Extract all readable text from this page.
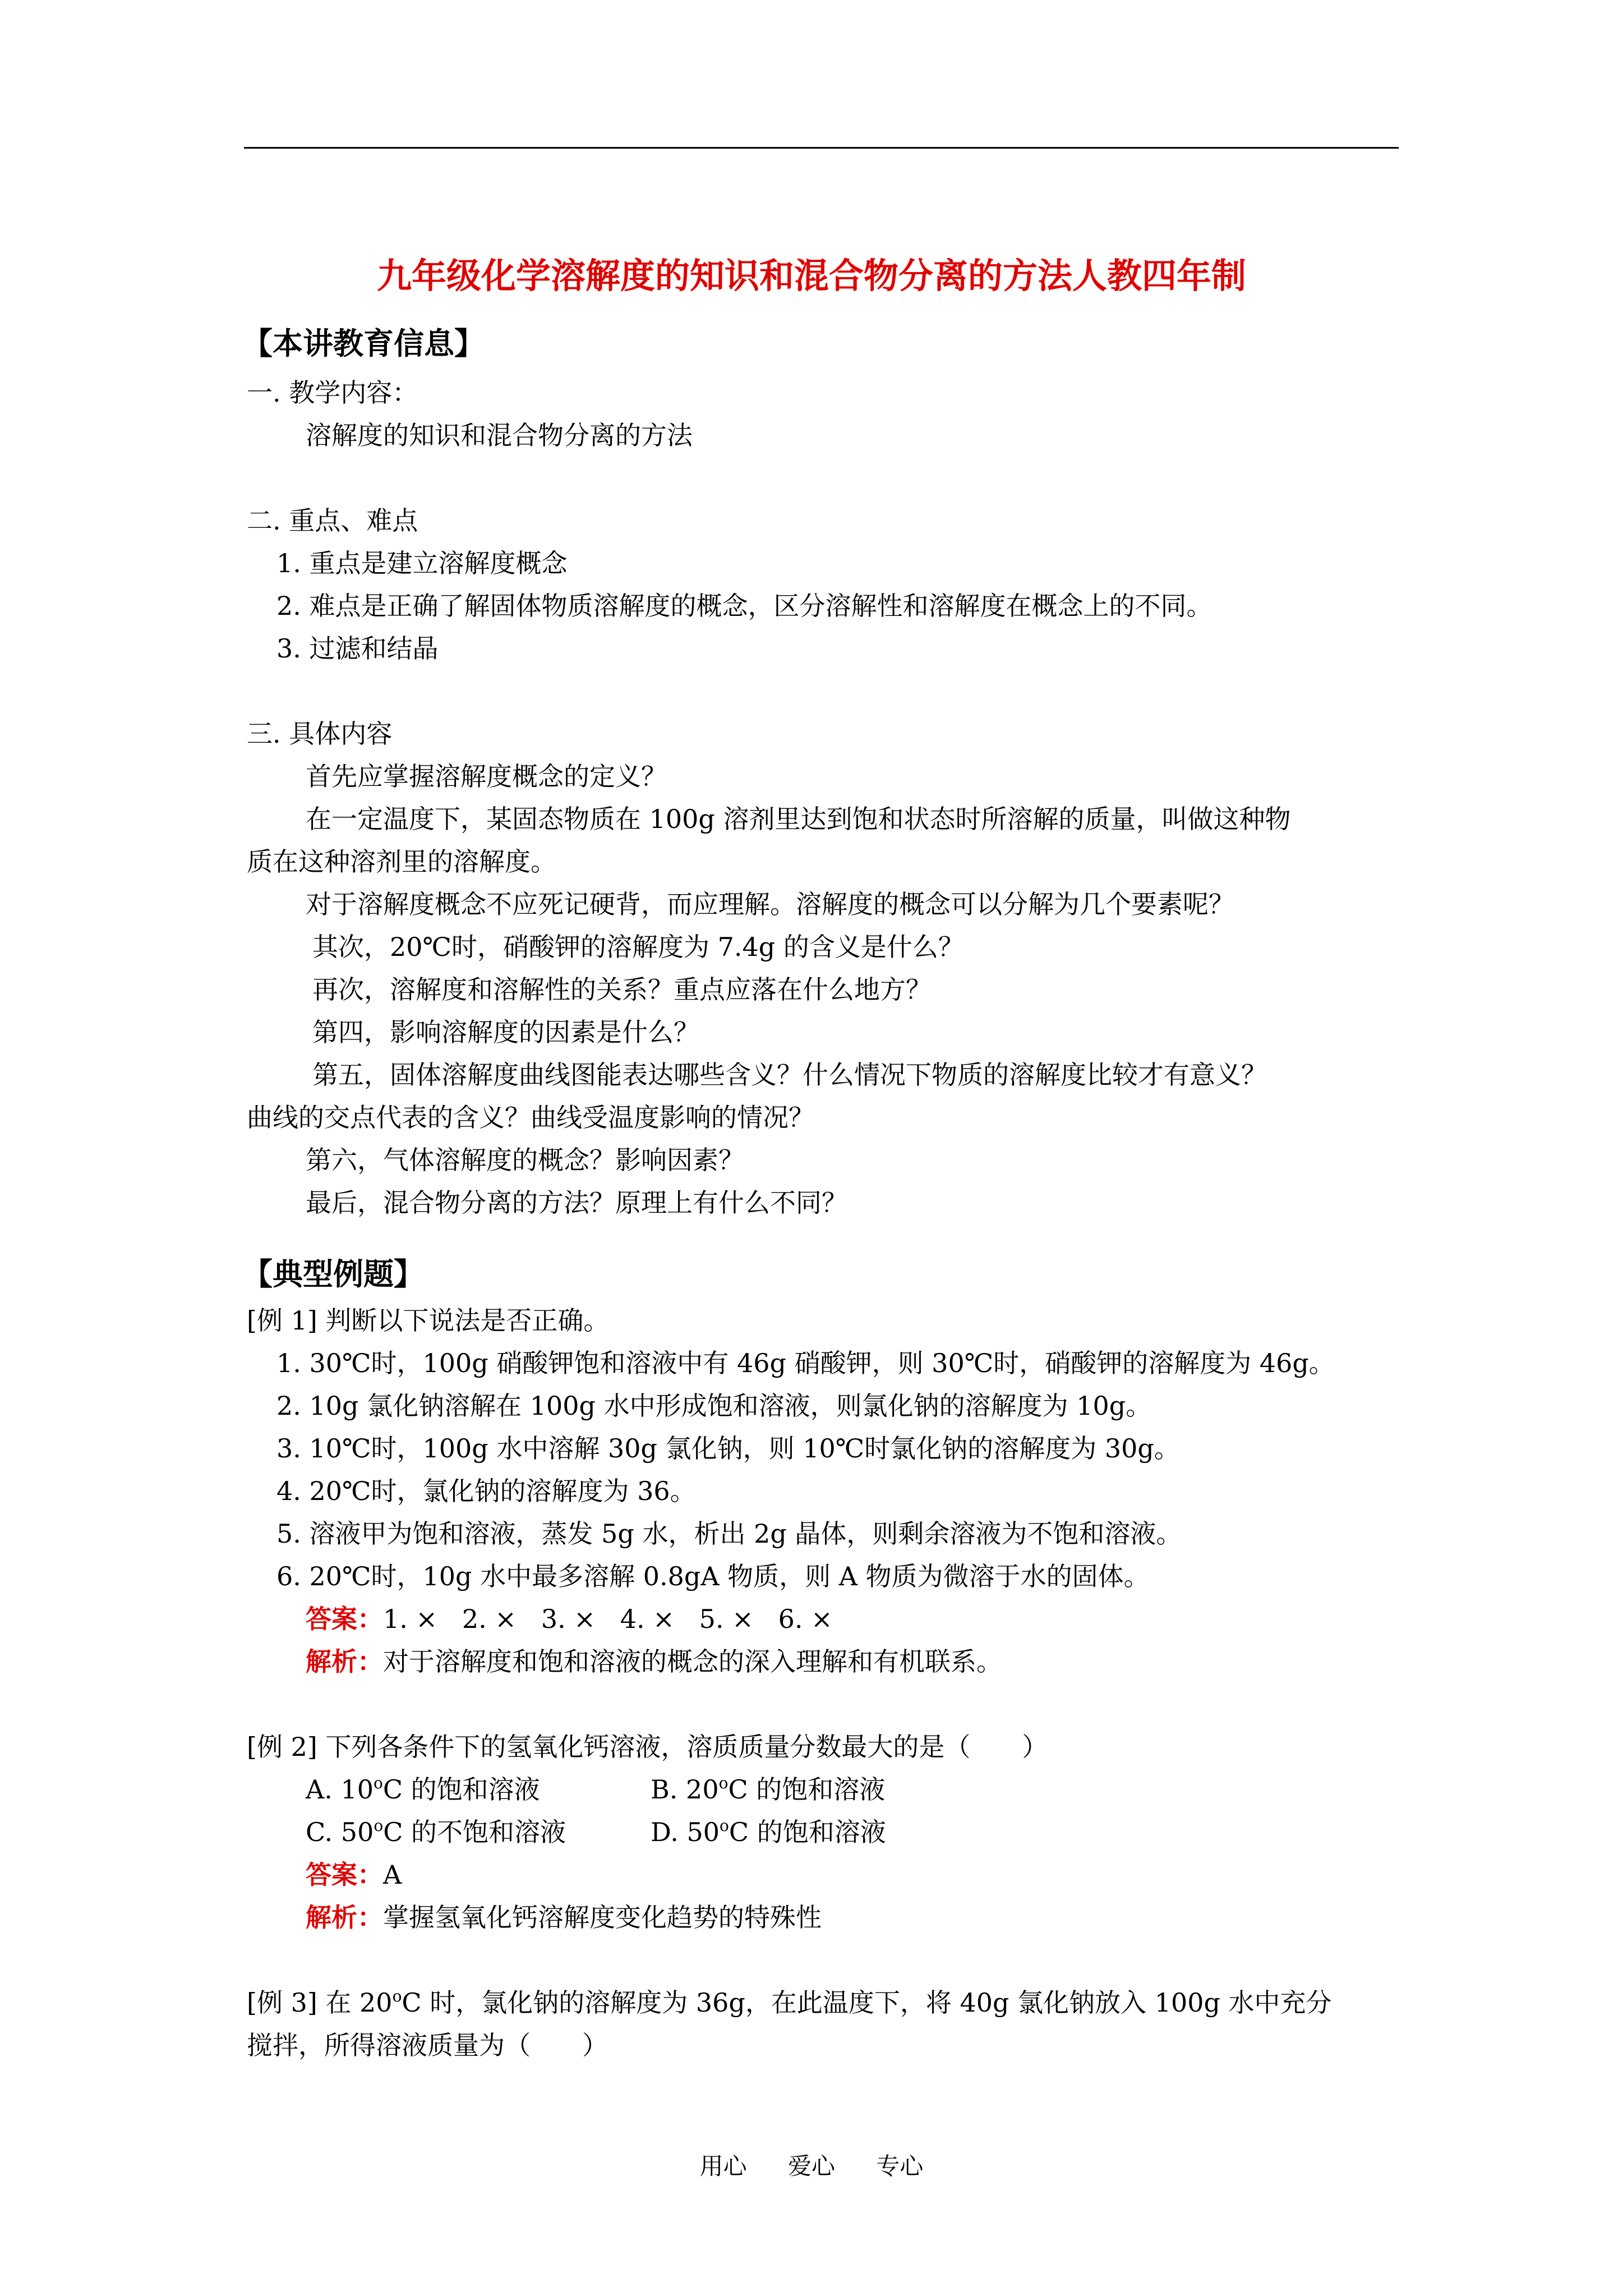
九年级化学溶解度的知识和混合物分离的方法人教四年制
【本讲教育信息】
一. 教学内容：
溶解度的知识和混合物分离的方法
二. 重点、难点
1. 重点是建立溶解度概念
2. 难点是正确了解固体物质溶解度的概念，区分溶解性和溶解度在概念上的不同。
3. 过滤和结晶
三. 具体内容
首先应掌握溶解度概念的定义？
在一定温度下，某固态物质在 100g 溶剂里达到饱和状态时所溶解的质量，叫做这种物
质在这种溶剂里的溶解度。
对于溶解度概念不应死记硬背，而应理解。溶解度的概念可以分解为几个要素呢？
其次，20℃时，硝酸钾的溶解度为 7.4g 的含义是什么？
再次，溶解度和溶解性的关系？重点应落在什么地方？
第四，影响溶解度的因素是什么？
第五，固体溶解度曲线图能表达哪些含义？什么情况下物质的溶解度比较才有意义？
曲线的交点代表的含义？曲线受温度影响的情况？
第六，气体溶解度的概念？影响因素？
最后，混合物分离的方法？原理上有什么不同？
【典型例题】
[例 1] 判断以下说法是否正确。
1. 30℃时，100g 硝酸钾饱和溶液中有 46g 硝酸钾，则 30℃时，硝酸钾的溶解度为 46g。
2. 10g 氯化钠溶解在 100g 水中形成饱和溶液，则氯化钠的溶解度为 10g。
3. 10℃时，100g 水中溶解 30g 氯化钠，则 10℃时氯化钠的溶解度为 30g。
4. 20℃时，氯化钠的溶解度为 36。
5. 溶液甲为饱和溶液，蒸发 5g 水，析出 2g 晶体，则剩余溶液为不饱和溶液。
6. 20℃时，10g 水中最多溶解 0.8gA 物质，则 A 物质为微溶于水的固体。
答案：1. ×   2. ×   3. ×   4. ×   5. ×   6. ×
解析：对于溶解度和饱和溶液的概念的深入理解和有机联系。
[例 2] 下列各条件下的氢氧化钙溶液，溶质质量分数最大的是（　　）
A. 10$^o$C 的饱和溶液	B. 20$^o$C 的饱和溶液
C. 50$^o$C 的不饱和溶液	D. 50$^o$C 的饱和溶液
答案：A
解析：掌握氢氧化钙溶解度变化趋势的特殊性
[例 3] 在 20$^o$C 时，氯化钠的溶解度为 36g，在此温度下，将 40g 氯化钠放入 100g 水中充分
搅拌，所得溶液质量为（　　）
用心 爱心 专心
